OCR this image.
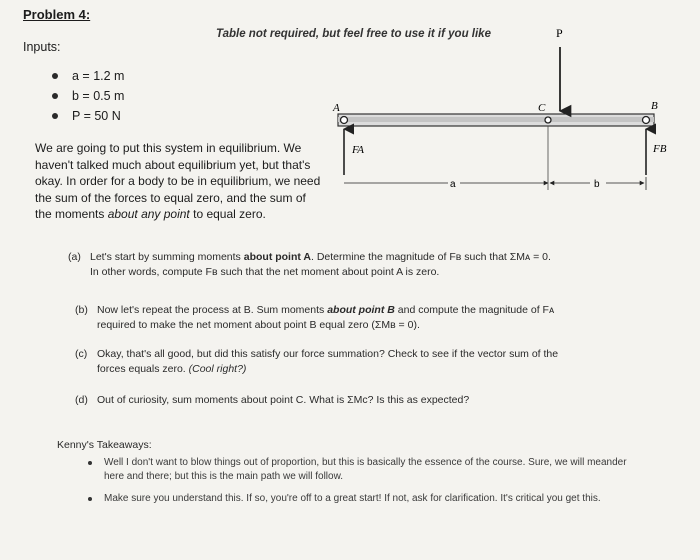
Problem 4:
Inputs:
Table not required, but feel free to use it if you like
a = 1.2 m
b = 0.5 m
P = 50 N
We are going to put this system in equilibrium. We haven't talked much about equilibrium yet, but that's okay. In order for a body to be in equilibrium, we need the sum of the forces to equal zero, and the sum of the moments about any point to equal zero.
A	C	B
P
FA	FB
a	b
(a) Let's start by summing moments about point A. Determine the magnitude of Fʙ such that ΣMᴀ = 0.
In other words, compute Fʙ such that the net moment about point A is zero.
(b) Now let's repeat the process at B. Sum moments about point B and compute the magnitude of Fᴀ
required to make the net moment about point B equal zero (ΣMʙ = 0).
(c) Okay, that's all good, but did this satisfy our force summation? Check to see if the vector sum of the
forces equals zero. (Cool right?)
(d) Out of curiosity, sum moments about point C. What is ΣMᴄ? Is this as expected?
Kenny's Takeaways:
Well I don't want to blow things out of proportion, but this is basically the essence of the course. Sure, we will meander here and there; but this is the main path we will follow.
Make sure you understand this. If so, you're off to a great start! If not, ask for clarification. It's critical you get this.
